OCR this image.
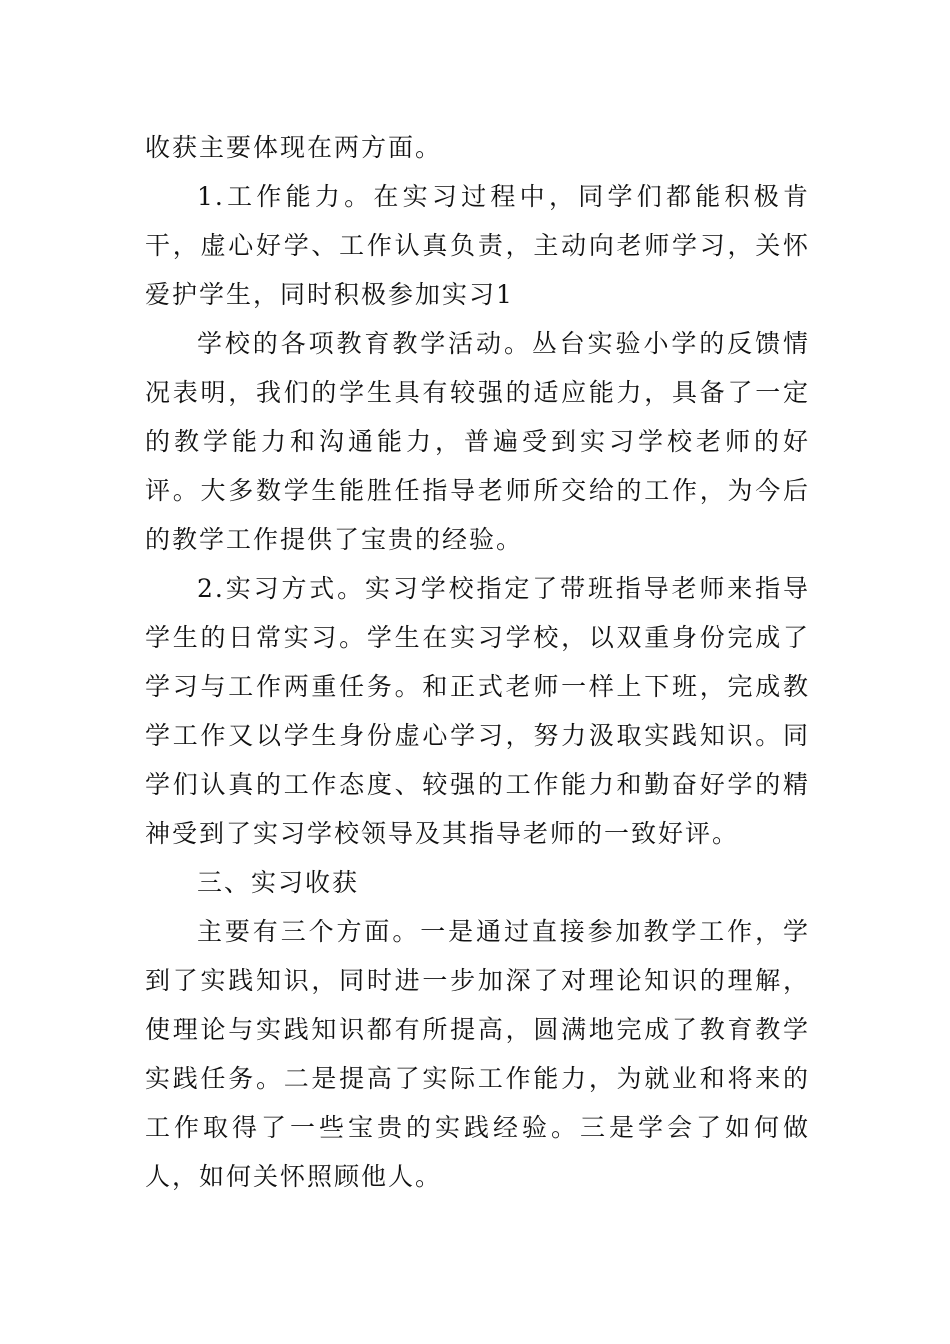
收获主要体现在两方面。

1.工作能力。在实习过程中，同学们都能积极肯干，虚心好学、工作认真负责，主动向老师学习，关怀爱护学生，同时积极参加实习1

学校的各项教育教学活动。丛台实验小学的反馈情况表明，我们的学生具有较强的适应能力，具备了一定的教学能力和沟通能力，普遍受到实习学校老师的好评。大多数学生能胜任指导老师所交给的工作，为今后的教学工作提供了宝贵的经验。

2.实习方式。实习学校指定了带班指导老师来指导学生的日常实习。学生在实习学校，以双重身份完成了学习与工作两重任务。和正式老师一样上下班，完成教学工作又以学生身份虚心学习，努力汲取实践知识。同学们认真的工作态度、较强的工作能力和勤奋好学的精神受到了实习学校领导及其指导老师的一致好评。

三、实习收获

主要有三个方面。一是通过直接参加教学工作，学到了实践知识，同时进一步加深了对理论知识的理解，使理论与实践知识都有所提高，圆满地完成了教育教学实践任务。二是提高了实际工作能力，为就业和将来的工作取得了一些宝贵的实践经验。三是学会了如何做人，如何关怀照顾他人。
